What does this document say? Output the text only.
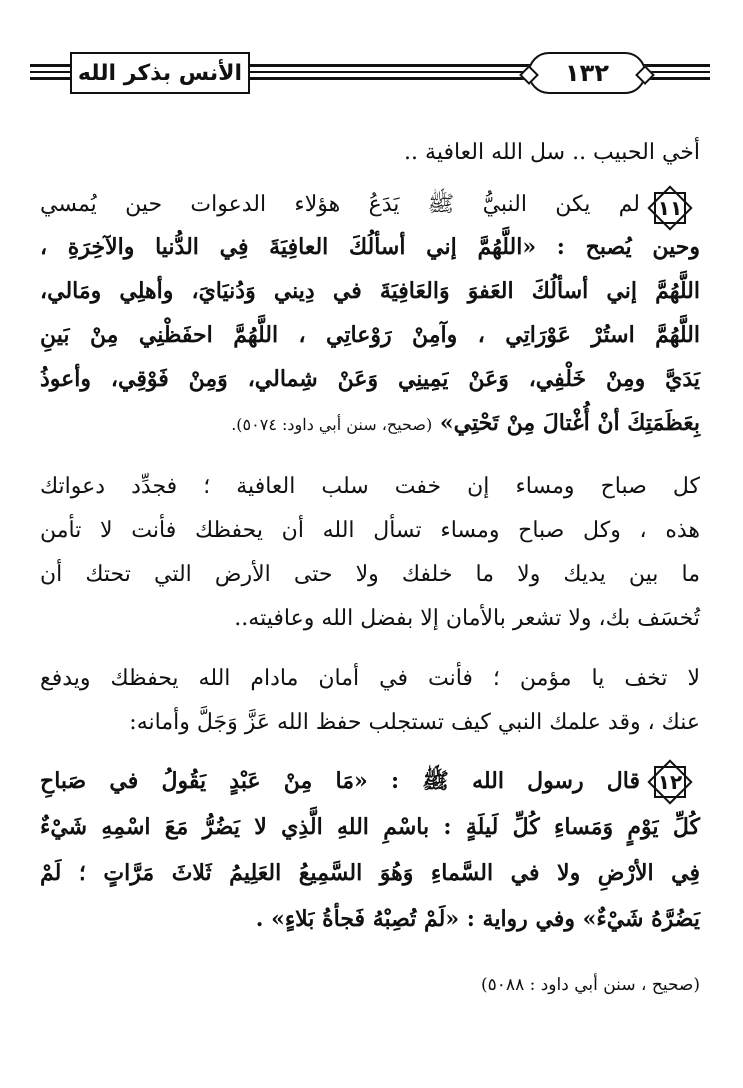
الأنس بذكر الله	١٣٢
أخي الحبيب .. سل الله العافية ..
١١
لم يكن النبيُّ ﷺ يَدَعُ هؤلاء الدعوات حين يُمسي
وحين يُصبح : «اللَّهُمَّ إني أسألُكَ العافِيَةَ فِي الدُّنيا والآخِرَةِ ،
اللَّهُمَّ إني أسألُكَ العَفوَ وَالعَافِيَةَ في دِيني وَدُنيَايَ، وأهلِي ومَالي،
اللَّهُمَّ استُرْ عَوْرَاتِي ، وآمِنْ رَوْعاتِي ، اللَّهُمَّ احفَظْنِي مِنْ بَينِ
يَدَيَّ ومِنْ خَلْفِي، وَعَنْ يَمِينِي وَعَنْ شِمالي، وَمِنْ فَوْقِي، وأعوذُ
بِعَظَمَتِكَ أنْ أُغْتالَ مِنْ تَحْتِي» (صحيح، سنن أبي داود: ٥٠٧٤).
كل صباح ومساء إن خفت سلب العافية ؛ فجدِّد دعواتك
هذه ، وكل صباح ومساء تسأل الله أن يحفظك فأنت لا تأمن
ما بين يديك ولا ما خلفك ولا حتى الأرض التي تحتك أن
تُخسَف بك، ولا تشعر بالأمان إلا بفضل الله وعافيته..
لا تخف يا مؤمن ؛ فأنت في أمان مادام الله يحفظك ويدفع
عنك ، وقد علمك النبي كيف تستجلب حفظ الله عَزَّ وَجَلَّ وأمانه:
١٢
قال رسول الله ﷺ : «مَا مِنْ عَبْدٍ يَقُولُ في صَباحِ
كُلِّ يَوْمٍ وَمَساءِ كُلِّ لَيلَةٍ : باسْمِ اللهِ الَّذِي لا يَضُرُّ مَعَ اسْمِهِ شَيْءٌ
فِي الأرْضِ ولا في السَّماءِ وَهُوَ السَّمِيعُ العَلِيمُ ثَلاثَ مَرَّاتٍ ؛ لَمْ
يَضُرَّهُ شَيْءٌ» وفي رواية : «لَمْ تُصِبْهُ فَجأةُ بَلاءٍ» .
(صحيح ، سنن أبي داود : ٥٠٨٨)
